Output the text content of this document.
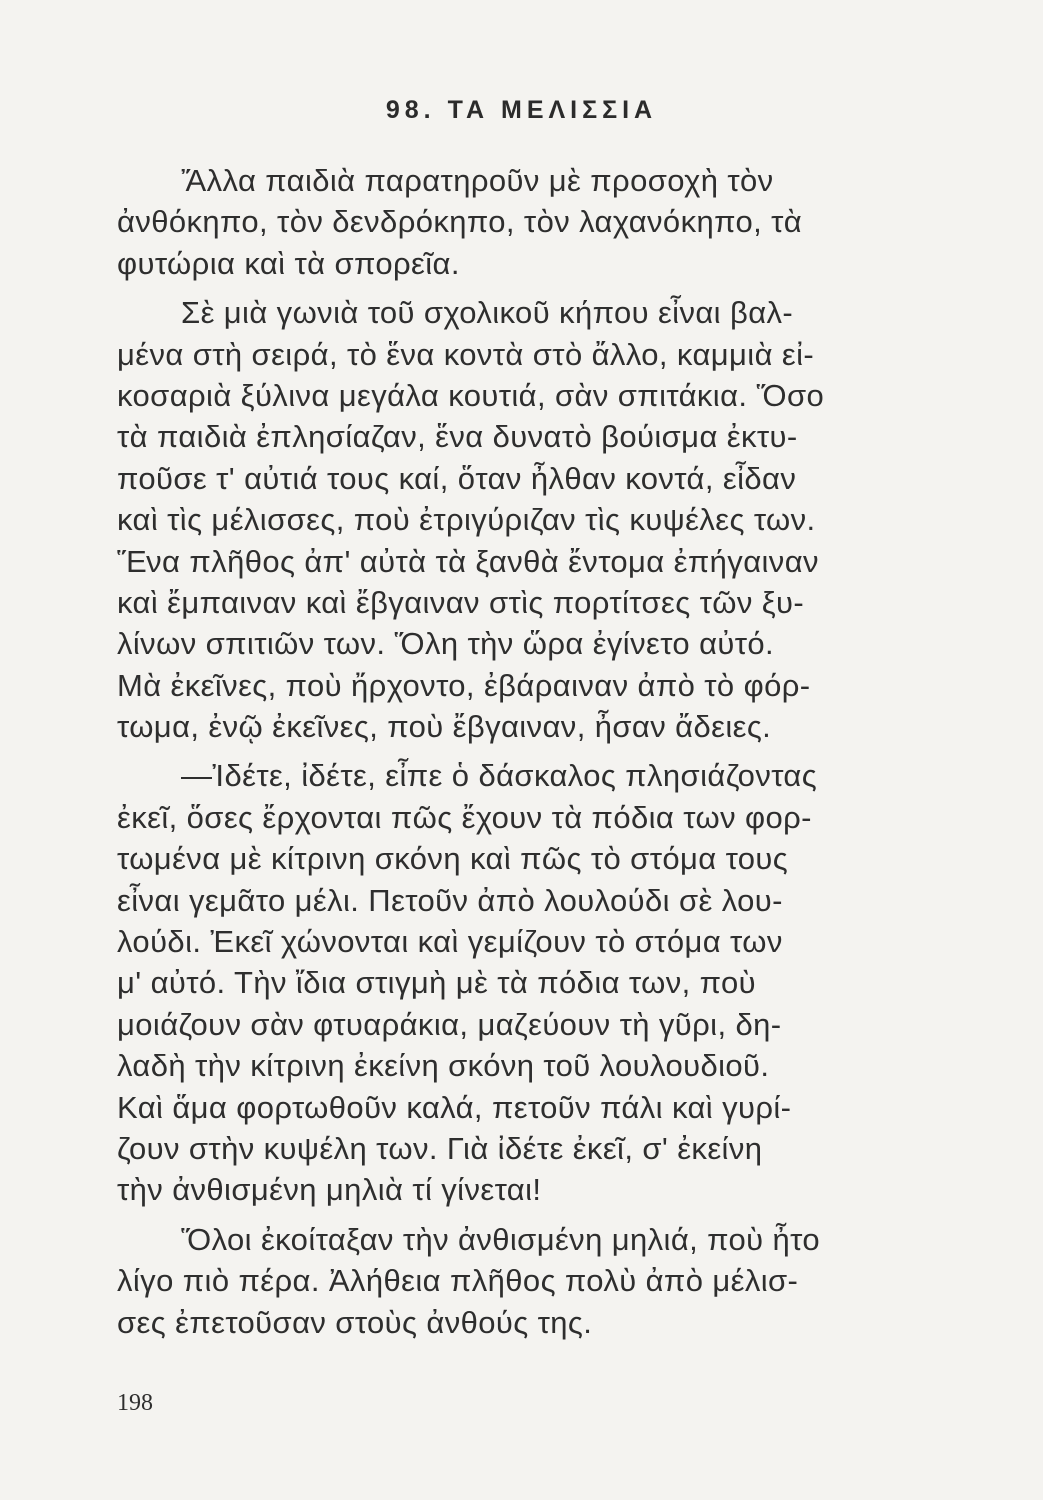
98. ΤΑ ΜΕΛΙΣΣΙΑ
Ἄλλα παιδιὰ παρατηροῦν μὲ προσοχὴ τὸν
ἀνθόκηπο, τὸν δενδρόκηπο, τὸν λαχανόκηπο, τὰ
φυτώρια καὶ τὰ σπορεῖα.
Σὲ μιὰ γωνιὰ τοῦ σχολικοῦ κήπου εἶναι βαλ-
μένα στὴ σειρά, τὸ ἕνα κοντὰ στὸ ἄλλο, καμμιὰ εἰ-
κοσαριὰ ξύλινα μεγάλα κουτιά, σὰν σπιτάκια. Ὅσο
τὰ παιδιὰ ἐπλησίαζαν, ἕνα δυνατὸ βούισμα ἐκτυ-
ποῦσε τ' αὐτιά τους καί, ὅταν ἦλθαν κοντά, εἶδαν
καὶ τὶς μέλισσες, ποὺ ἐτριγύριζαν τὶς κυψέλες των.
Ἕνα πλῆθος ἀπ' αὐτὰ τὰ ξανθὰ ἔντομα ἐπήγαιναν
καὶ ἔμπαιναν καὶ ἔβγαιναν στὶς πορτίτσες τῶν ξυ-
λίνων σπιτιῶν των. Ὅλη τὴν ὥρα ἐγίνετο αὐτό.
Μὰ ἐκεῖνες, ποὺ ἤρχοντο, ἐβάραιναν ἀπὸ τὸ φόρ-
τωμα, ἐνῷ ἐκεῖνες, ποὺ ἔβγαιναν, ἦσαν ἄδειες.
—Ἰδέτε, ἰδέτε, εἶπε ὁ δάσκαλος πλησιάζοντας
ἐκεῖ, ὅσες ἔρχονται πῶς ἔχουν τὰ πόδια των φορ-
τωμένα μὲ κίτρινη σκόνη καὶ πῶς τὸ στόμα τους
εἶναι γεμᾶτο μέλι. Πετοῦν ἀπὸ λουλούδι σὲ λου-
λούδι. Ἐκεῖ χώνονται καὶ γεμίζουν τὸ στόμα των
μ' αὐτό. Τὴν ἴδια στιγμὴ μὲ τὰ πόδια των, ποὺ
μοιάζουν σὰν φτυαράκια, μαζεύουν τὴ γῦρι, δη-
λαδὴ τὴν κίτρινη ἐκείνη σκόνη τοῦ λουλουδιοῦ.
Καὶ ἅμα φορτωθοῦν καλά, πετοῦν πάλι καὶ γυρί-
ζουν στὴν κυψέλη των. Γιὰ ἰδέτε ἐκεῖ, σ' ἐκείνη
τὴν ἀνθισμένη μηλιὰ τί γίνεται!
Ὅλοι ἐκοίταξαν τὴν ἀνθισμένη μηλιά, ποὺ ἦτο
λίγο πιὸ πέρα. Ἀλήθεια πλῆθος πολὺ ἀπὸ μέλισ-
σες ἐπετοῦσαν στοὺς ἀνθούς της.
198
